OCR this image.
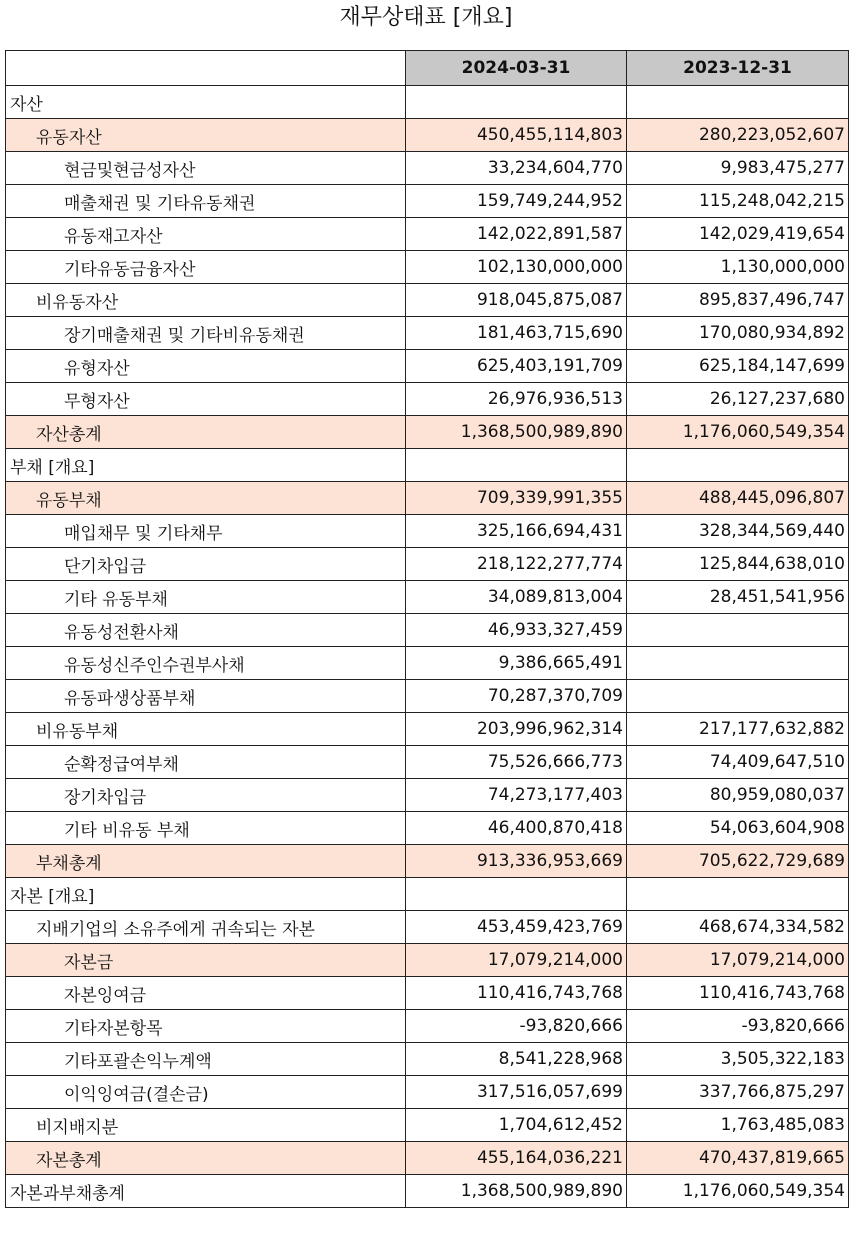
재무상태표 [개요]
	2024-03-31	2023-12-31
자산		
유동자산	450,455,114,803	280,223,052,607
현금및현금성자산	33,234,604,770	9,983,475,277
매출채권 및 기타유동채권	159,749,244,952	115,248,042,215
유동재고자산	142,022,891,587	142,029,419,654
기타유동금융자산	102,130,000,000	1,130,000,000
비유동자산	918,045,875,087	895,837,496,747
장기매출채권 및 기타비유동채권	181,463,715,690	170,080,934,892
유형자산	625,403,191,709	625,184,147,699
무형자산	26,976,936,513	26,127,237,680
자산총계	1,368,500,989,890	1,176,060,549,354
부채 [개요]		
유동부채	709,339,991,355	488,445,096,807
매입채무 및 기타채무	325,166,694,431	328,344,569,440
단기차입금	218,122,277,774	125,844,638,010
기타 유동부채	34,089,813,004	28,451,541,956
유동성전환사채	46,933,327,459	
유동성신주인수권부사채	9,386,665,491	
유동파생상품부채	70,287,370,709	
비유동부채	203,996,962,314	217,177,632,882
순확정급여부채	75,526,666,773	74,409,647,510
장기차입금	74,273,177,403	80,959,080,037
기타 비유동 부채	46,400,870,418	54,063,604,908
부채총계	913,336,953,669	705,622,729,689
자본 [개요]		
지배기업의 소유주에게 귀속되는 자본	453,459,423,769	468,674,334,582
자본금	17,079,214,000	17,079,214,000
자본잉여금	110,416,743,768	110,416,743,768
기타자본항목	-93,820,666	-93,820,666
기타포괄손익누계액	8,541,228,968	3,505,322,183
이익잉여금(결손금)	317,516,057,699	337,766,875,297
비지배지분	1,704,612,452	1,763,485,083
자본총계	455,164,036,221	470,437,819,665
자본과부채총계	1,368,500,989,890	1,176,060,549,354
